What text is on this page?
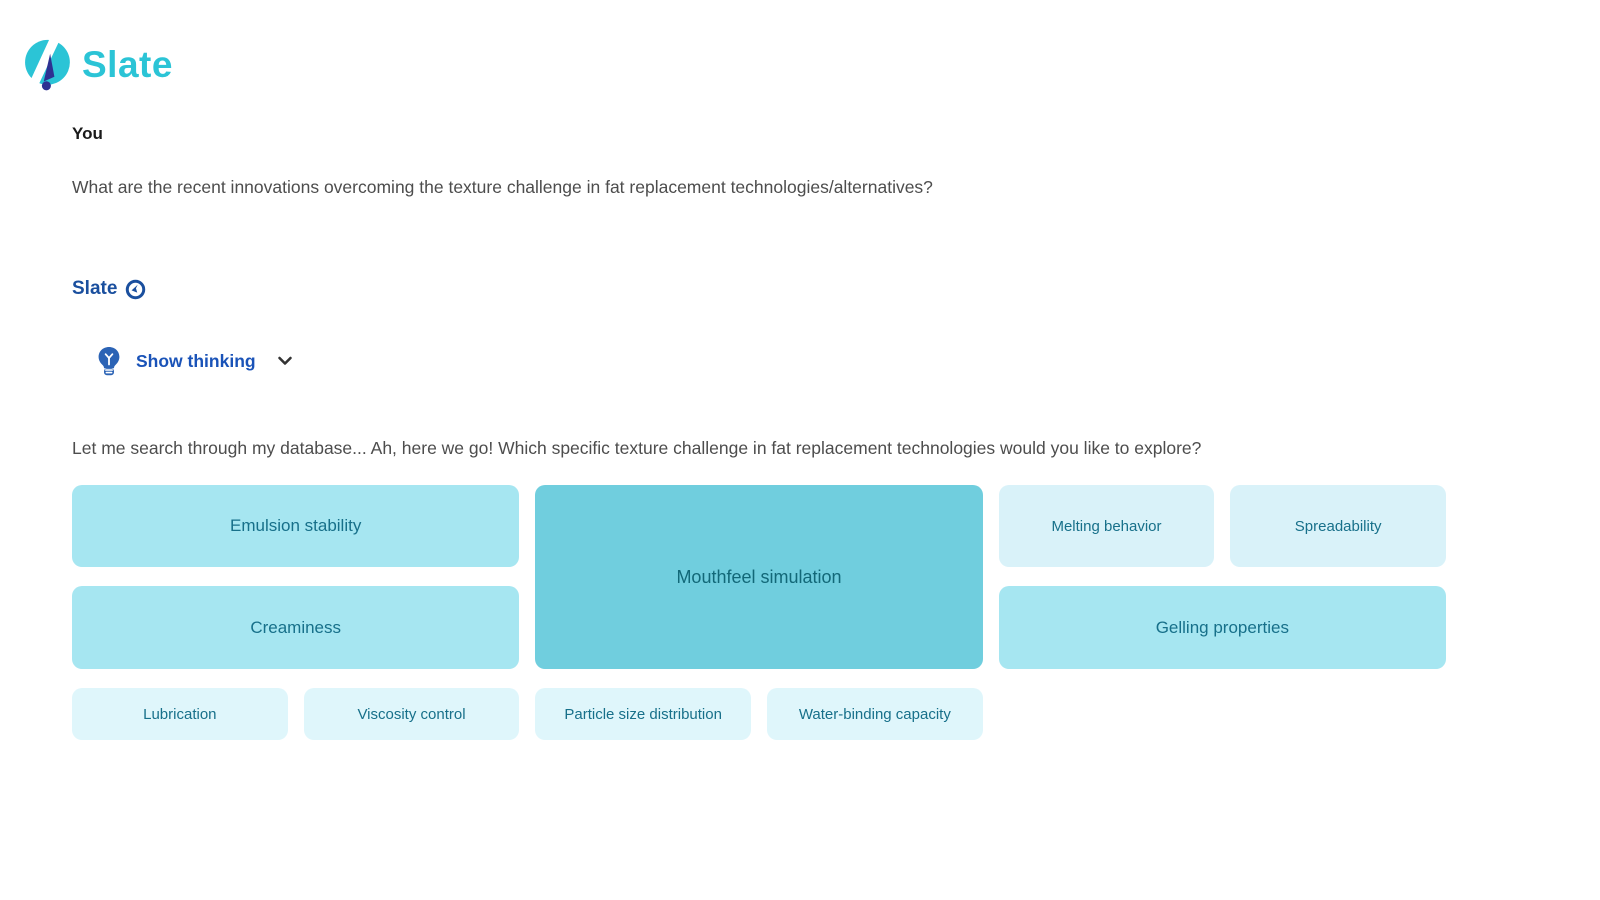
Slate
You
What are the recent innovations overcoming the texture challenge in fat replacement technologies/alternatives?
Slate
Show thinking
Let me search through my database... Ah, here we go! Which specific texture challenge in fat replacement technologies would you like to explore?
Emulsion stability
Mouthfeel simulation
Melting behavior	Spreadability
Creaminess	Gelling properties
Lubrication	Viscosity control	Particle size distribution	Water-binding capacity
